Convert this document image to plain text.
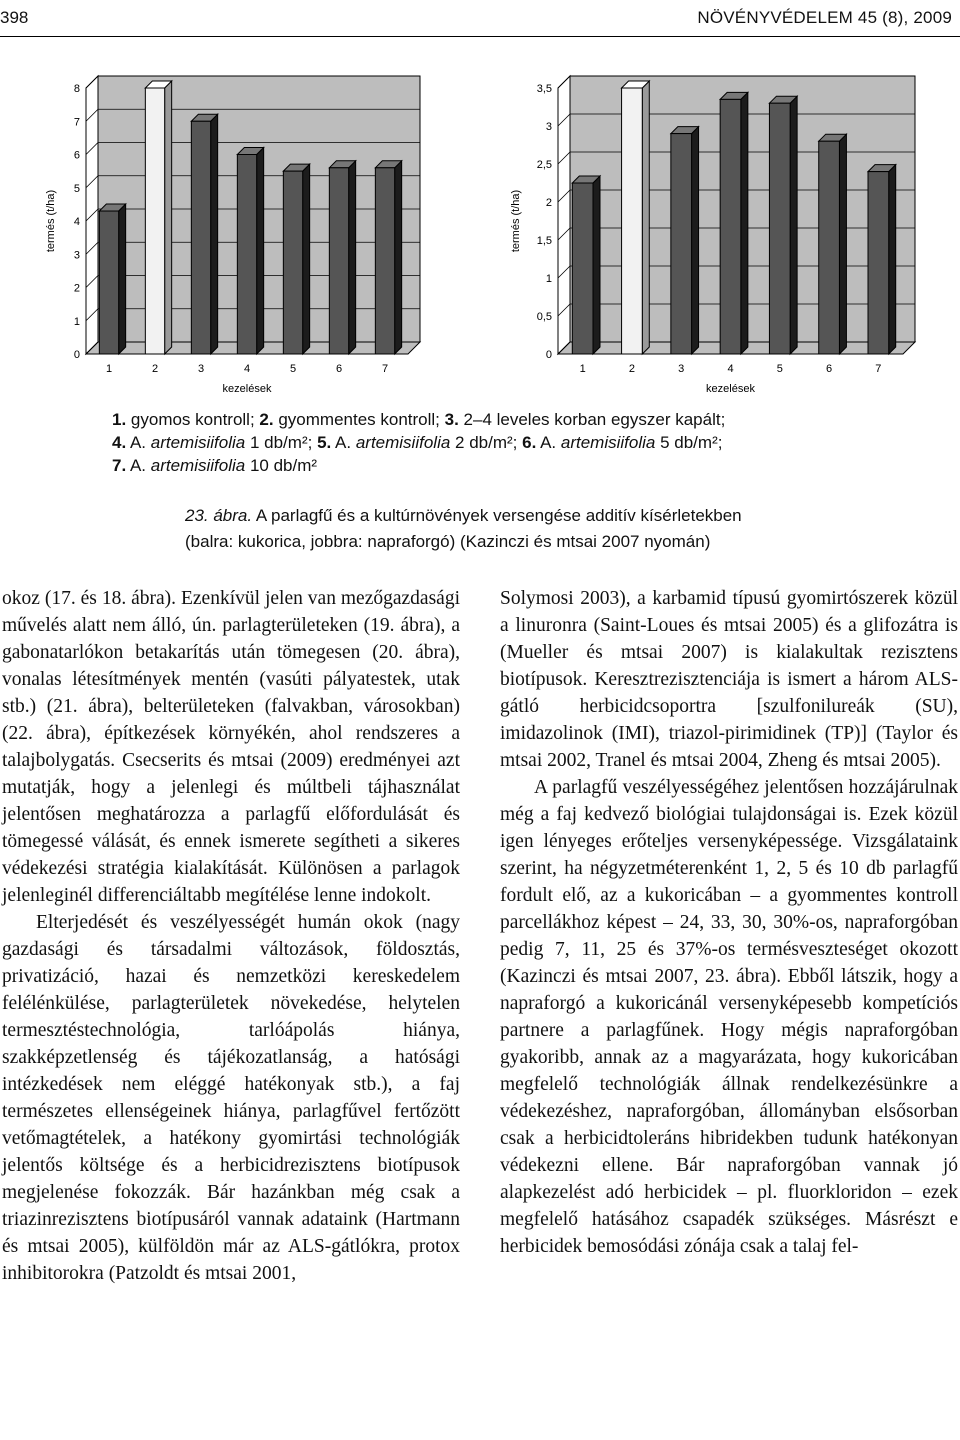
398	NÖVÉNYVÉDELEM 45 (8), 2009
0
1
2
3
4
5
6
7
8
1	2	3	4	5	6	7
kezelések
termés (t/ha)
0
0,5
1
1,5
2
2,5
3
3,5
1	2	3	4	5	6	7
kezelések
termés (t/ha)
1. gyomos kontroll; 2. gyommentes kontroll; 3. 2–4 leveles korban egyszer kapált;
4. A. artemisiifolia 1 db/m²; 5. A. artemisiifolia 2 db/m²; 6. A. artemisiifolia 5 db/m²;
7. A. artemisiifolia 10 db/m²
23. ábra. A parlagfű és a kultúrnövények versengése additív kísérletekben
(balra: kukorica, jobbra: napraforgó) (Kazinczi és mtsai 2007 nyomán)

okoz (17. és 18. ábra). Ezenkívül jelen van mezőgazdasági művelés alatt nem álló, ún. parlagterületeken (19. ábra), a gabonatarlókon betakarítás után tömegesen (20. ábra), vonalas létesítmények mentén (vasúti pályatestek, utak stb.) (21. ábra), belterületeken (falvakban, városokban) (22. ábra), építkezések környékén, ahol rendszeres a talajbolygatás. Csecserits és mtsai (2009) eredményei azt mutatják, hogy a jelenlegi és múltbeli tájhasználat jelentősen meghatározza a parlagfű előfordulását és tömegessé válását, és ennek ismerete segítheti a sikeres védekezési stratégia kialakítását. Különösen a parlagok jelenleginél differenciáltabb megítélése lenne indokolt.

Elterjedését és veszélyességét humán okok (nagy gazdasági és társadalmi változások, földosztás, privatizáció, hazai és nemzetközi kereskedelem felélénkülése, parlagterületek növekedése, helytelen termesztéstechnológia, tarlóápolás hiánya, szakképzetlenség és tájékozatlanság, a hatósági intézkedések nem eléggé hatékonyak stb.), a faj természetes ellenségeinek hiánya, parlagfűvel fertőzött vetőmagtételek, a hatékony gyomirtási technológiák jelentős költsége és a herbicidrezisztens biotípusok megjelenése fokozzák. Bár hazánkban még csak a triazinrezisztens biotípusáról vannak adataink (Hartmann és mtsai 2005), külföldön már az ALS-gátlókra, protox inhibitorokra (Patzoldt és mtsai 2001,

Solymosi 2003), a karbamid típusú gyomirtószerek közül a linuronra (Saint-Loues és mtsai 2005) és a glifozátra is (Mueller és mtsai 2007) is kialakultak rezisztens biotípusok. Keresztrezisztenciája is ismert a három ALS-gátló herbicidcsoportra [szulfonilureák (SU), imidazolinok (IMI), triazol-pirimidinek (TP)] (Taylor és mtsai 2002, Tranel és mtsai 2004, Zheng és mtsai 2005).

A parlagfű veszélyességéhez jelentősen hozzájárulnak még a faj kedvező biológiai tulajdonságai is. Ezek közül igen lényeges erőteljes versenyképessége. Vizsgálataink szerint, ha négyzetméterenként 1, 2, 5 és 10 db parlagfű fordult elő, az a kukoricában – a gyommentes kontroll parcellákhoz képest – 24, 33, 30, 30%-os, napraforgóban pedig 7, 11, 25 és 37%-os termésveszteséget okozott (Kazinczi és mtsai 2007, 23. ábra). Ebből látszik, hogy a napraforgó a kukoricánál versenyképesebb kompetíciós partnere a parlagfűnek. Hogy mégis napraforgóban gyakoribb, annak az a magyarázata, hogy kukoricában megfelelő technológiák állnak rendelkezésünkre a védekezéshez, napraforgóban, állományban elsősorban csak a herbicidtoleráns hibridekben tudunk hatékonyan védekezni ellene. Bár napraforgóban vannak jó alapkezelést adó herbicidek – pl. fluorkloridon – ezek megfelelő hatásához csapadék szükséges. Másrészt e herbicidek bemosódási zónája csak a talaj fel-
